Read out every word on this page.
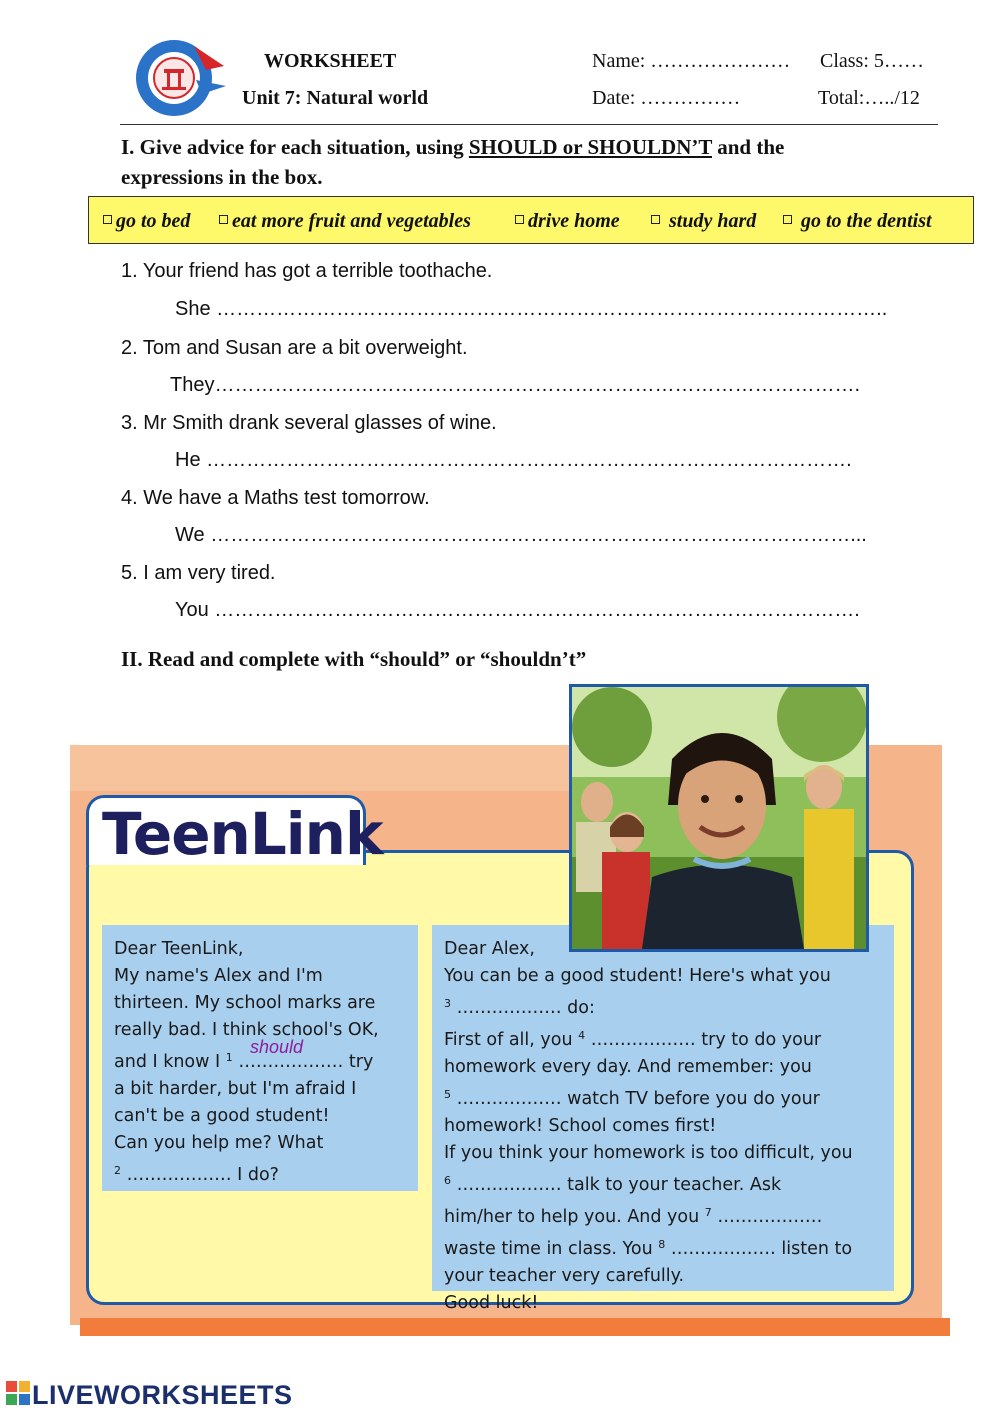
WORKSHEET
Unit 7: Natural world
Name: ………………… Class: 5……
Date: ……………	Total:…../12
I. Give advice for each situation, using SHOULD or SHOULDN’T and the
expressions in the box.
go to bed	eat more fruit and vegetables	drive home	study hard	go to the dentist
1. Your friend has got a terrible toothache.
She ………………………………………………………………………………………..
2. Tom and Susan are a bit overweight.
They…………………………………………………………………………………….
3. Mr Smith drank several glasses of wine.
He …………………………………………………………………………………….
4. We have a Maths test tomorrow.
We ……………………………………………………………………………………...
5. I am very tired.
You …………………………………………………………………………………….
II. Read and complete with “should” or “shouldn’t”
TeenLink
Dear TeenLink,
My name's Alex and I'm
thirteen. My school marks are
really bad. I think school's OK,
and I know I $^1$ ……………… try
should
a bit harder, but I'm afraid I
can't be a good student!
Can you help me? What
$^2$ ……………… I do?
Dear Alex,
You can be a good student! Here's what you
$^3$ ……………… do:
First of all, you $^4$ ……………… try to do your
homework every day. And remember: you
$^5$ ……………… watch TV before you do your
homework! School comes first!
If you think your homework is too difficult, you
$^6$ ……………… talk to your teacher. Ask
him/her to help you. And you $^7$ ………………
waste time in class. You $^8$ ……………… listen to
your teacher very carefully.
Good luck!
LIVEWORKSHEETS
